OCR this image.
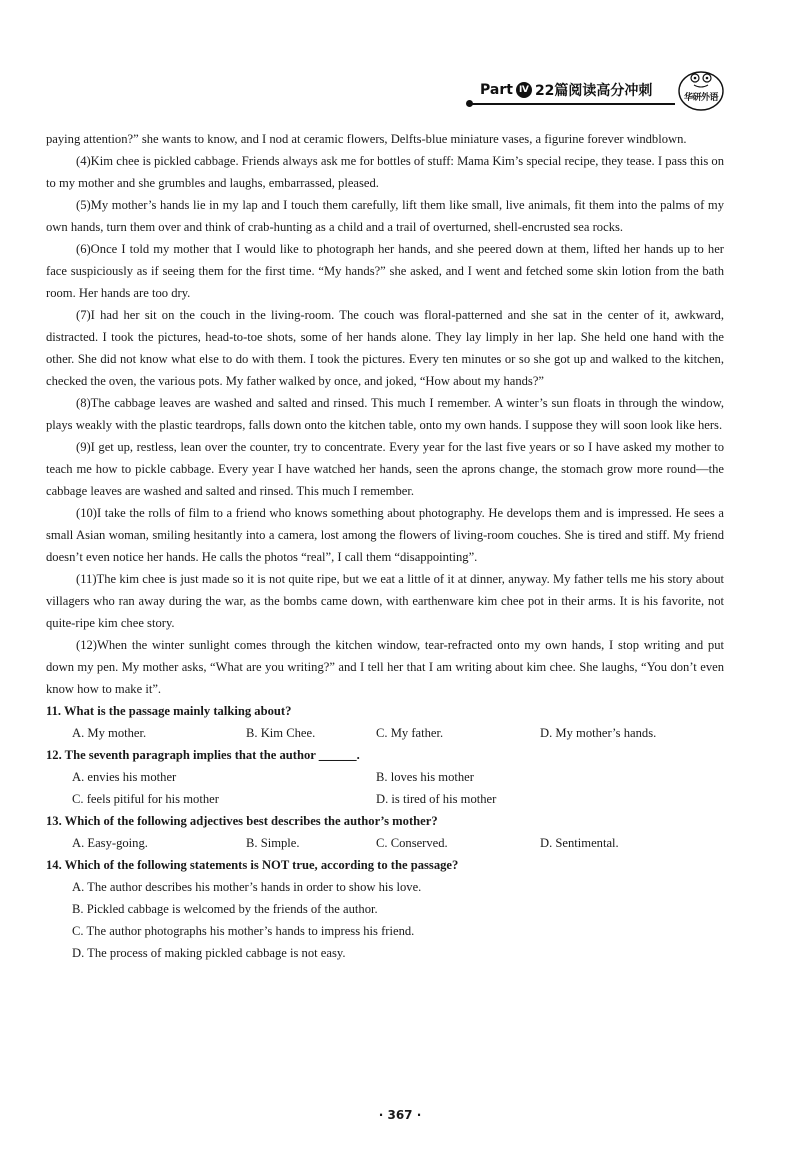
Part Ⅳ 22篇阅读高分冲刺	华研外语

paying attention?” she wants to know, and I nod at ceramic flowers, Delfts-blue miniature vases, a figurine forever windblown.

(4)Kim chee is pickled cabbage. Friends always ask me for bottles of stuff: Mama Kim’s special recipe, they tease. I pass this on to my mother and she grumbles and laughs, embarrassed, pleased.

(5)My mother’s hands lie in my lap and I touch them carefully, lift them like small, live animals, fit them into the palms of my own hands, turn them over and think of crab-hunting as a child and a trail of overturned, shell-encrusted sea rocks.

(6)Once I told my mother that I would like to photograph her hands, and she peered down at them, lifted her hands up to her face suspiciously as if seeing them for the first time. “My hands?” she asked, and I went and fetched some skin lotion from the bath room. Her hands are too dry.

(7)I had her sit on the couch in the living-room. The couch was floral-patterned and she sat in the center of it, awkward, distracted. I took the pictures, head-to-toe shots, some of her hands alone. They lay limply in her lap. She held one hand with the other. She did not know what else to do with them. I took the pictures. Every ten minutes or so she got up and walked to the kitchen, checked the oven, the various pots. My father walked by once, and joked, “How about my hands?”

(8)The cabbage leaves are washed and salted and rinsed. This much I remember. A winter’s sun floats in through the window, plays weakly with the plastic teardrops, falls down onto the kitchen table, onto my own hands. I suppose they will soon look like hers.

(9)I get up, restless, lean over the counter, try to concentrate. Every year for the last five years or so I have asked my mother to teach me how to pickle cabbage. Every year I have watched her hands, seen the aprons change, the stomach grow more round—the cabbage leaves are washed and salted and rinsed. This much I remember.

(10)I take the rolls of film to a friend who knows something about photography. He develops them and is impressed. He sees a small Asian woman, smiling hesitantly into a camera, lost among the flowers of living-room couches. She is tired and stiff. My friend doesn’t even notice her hands. He calls the photos “real”, I call them “disappointing”.

(11)The kim chee is just made so it is not quite ripe, but we eat a little of it at dinner, anyway. My father tells me his story about villagers who ran away during the war, as the bombs came down, with earthenware kim chee pot in their arms. It is his favorite, not quite-ripe kim chee story.

(12)When the winter sunlight comes through the kitchen window, tear-refracted onto my own hands, I stop writing and put down my pen. My mother asks, “What are you writing?” and I tell her that I am writing about kim chee. She laughs, “You don’t even know how to make it”.

11. What is the passage mainly talking about?

A. My mother.	B. Kim Chee.	C. My father.	D. My mother’s hands.

12. The seventh paragraph implies that the author ______.

A. envies his mother	B. loves his mother
C. feels pitiful for his mother	D. is tired of his mother

13. Which of the following adjectives best describes the author’s mother?

A. Easy-going.	B. Simple.	C. Conserved.	D. Sentimental.

14. Which of the following statements is NOT true, according to the passage?

A. The author describes his mother’s hands in order to show his love.

B. Pickled cabbage is welcomed by the friends of the author.

C. The author photographs his mother’s hands to impress his friend.

D. The process of making pickled cabbage is not easy.

· 367 ·
